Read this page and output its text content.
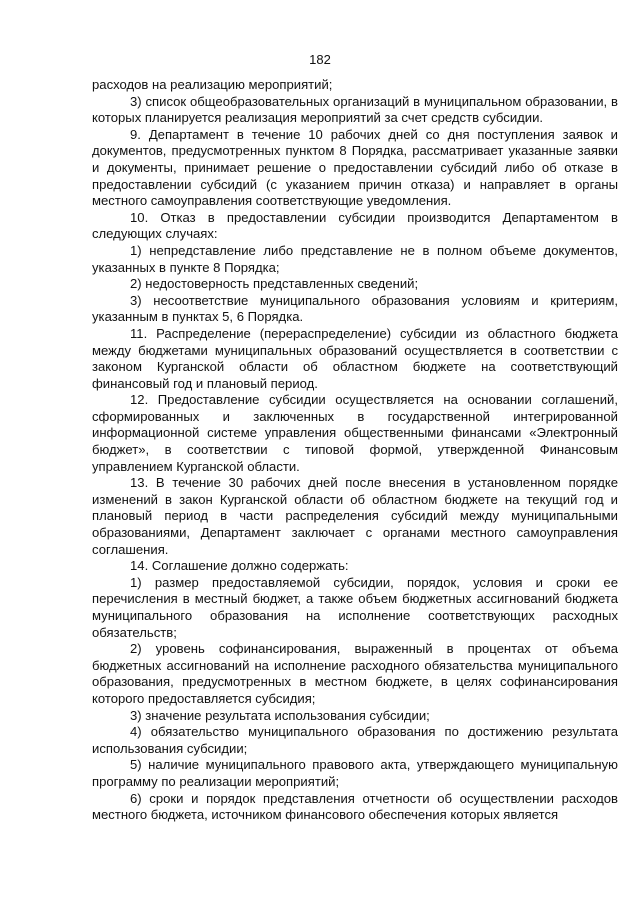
182

расходов на реализацию мероприятий;

3) список общеобразовательных организаций в муниципальном образовании, в которых планируется реализация мероприятий за счет средств субсидии.

9. Департамент в течение 10 рабочих дней со дня поступления заявок и документов, предусмотренных пунктом 8 Порядка, рассматривает указанные заявки и документы, принимает решение о предоставлении субсидий либо об отказе в предоставлении субсидий (с указанием причин отказа) и направляет в органы местного самоуправления соответствующие уведомления.

10. Отказ в предоставлении субсидии производится Департаментом в следующих случаях:

1) непредставление либо представление не в полном объеме документов, указанных в пункте 8 Порядка;

2) недостоверность представленных сведений;

3) несоответствие муниципального образования условиям и критериям, указанным в пунктах 5, 6 Порядка.

11. Распределение (перераспределение) субсидии из областного бюджета между бюджетами муниципальных образований осуществляется в соответствии с законом Курганской области об областном бюджете на соответствующий финансовый год и плановый период.

12. Предоставление субсидии осуществляется на основании соглашений, сформированных и заключенных в государственной интегрированной информационной системе управления общественными финансами «Электронный бюджет», в соответствии с типовой формой, утвержденной Финансовым управлением Курганской области.

13. В течение 30 рабочих дней после внесения в установленном порядке изменений в закон Курганской области об областном бюджете на текущий год и плановый период в части распределения субсидий между муниципальными образованиями, Департамент заключает с органами местного самоуправления соглашения.

14. Соглашение должно содержать:

1) размер предоставляемой субсидии, порядок, условия и сроки ее перечисления в местный бюджет, а также объем бюджетных ассигнований бюджета муниципального образования на исполнение соответствующих расходных обязательств;

2) уровень софинансирования, выраженный в процентах от объема бюджетных ассигнований на исполнение расходного обязательства муниципального образования, предусмотренных в местном бюджете, в целях софинансирования которого предоставляется субсидия;

3) значение результата использования субсидии;

4) обязательство муниципального образования по достижению результата использования субсидии;

5) наличие муниципального правового акта, утверждающего муниципальную программу по реализации мероприятий;

6) сроки и порядок представления отчетности об осуществлении расходов местного бюджета, источником финансового обеспечения которых является
